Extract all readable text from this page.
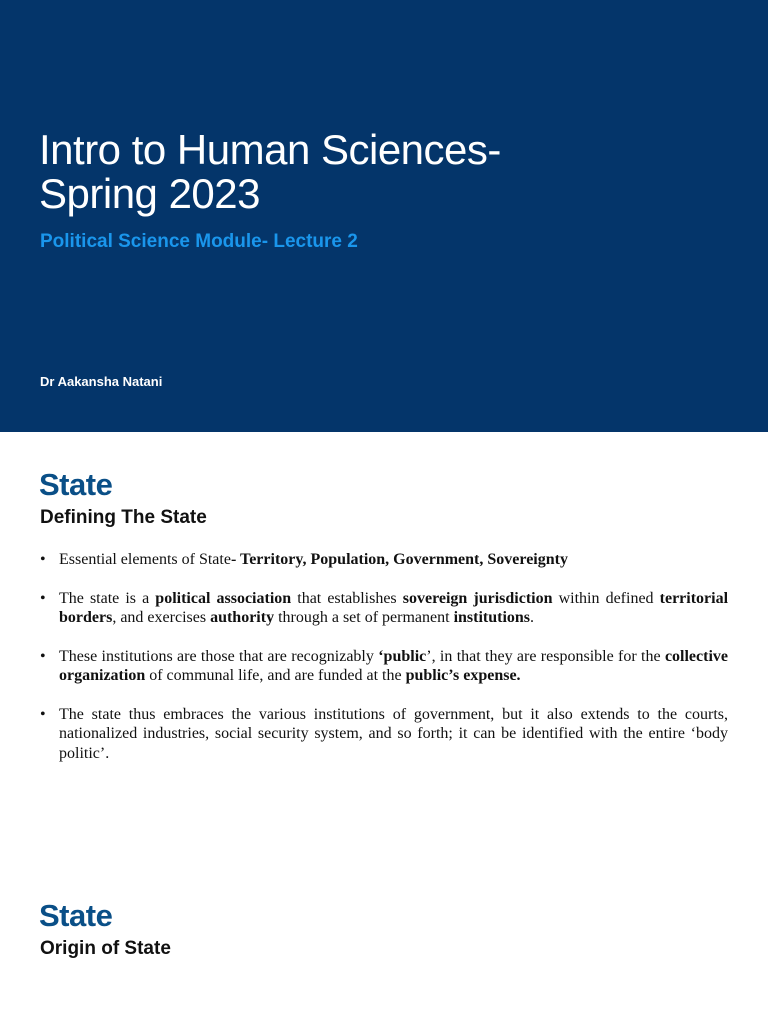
Intro to Human Sciences-
Spring 2023

Political Science Module- Lecture 2

Dr Aakansha Natani

State
Defining The State
• Essential elements of State- Territory, Population, Government, Sovereignty
• The state is a political association that establishes sovereign jurisdiction within defined territorial borders, and exercises authority through a set of permanent institutions.
• These institutions are those that are recognizably ‘public’, in that they are responsible for the collective organization of communal life, and are funded at the public’s expense.
• The state thus embraces the various institutions of government, but it also extends to the courts, nationalized industries, social security system, and so forth; it can be identified with the entire ‘body politic’.
State
Origin of State
